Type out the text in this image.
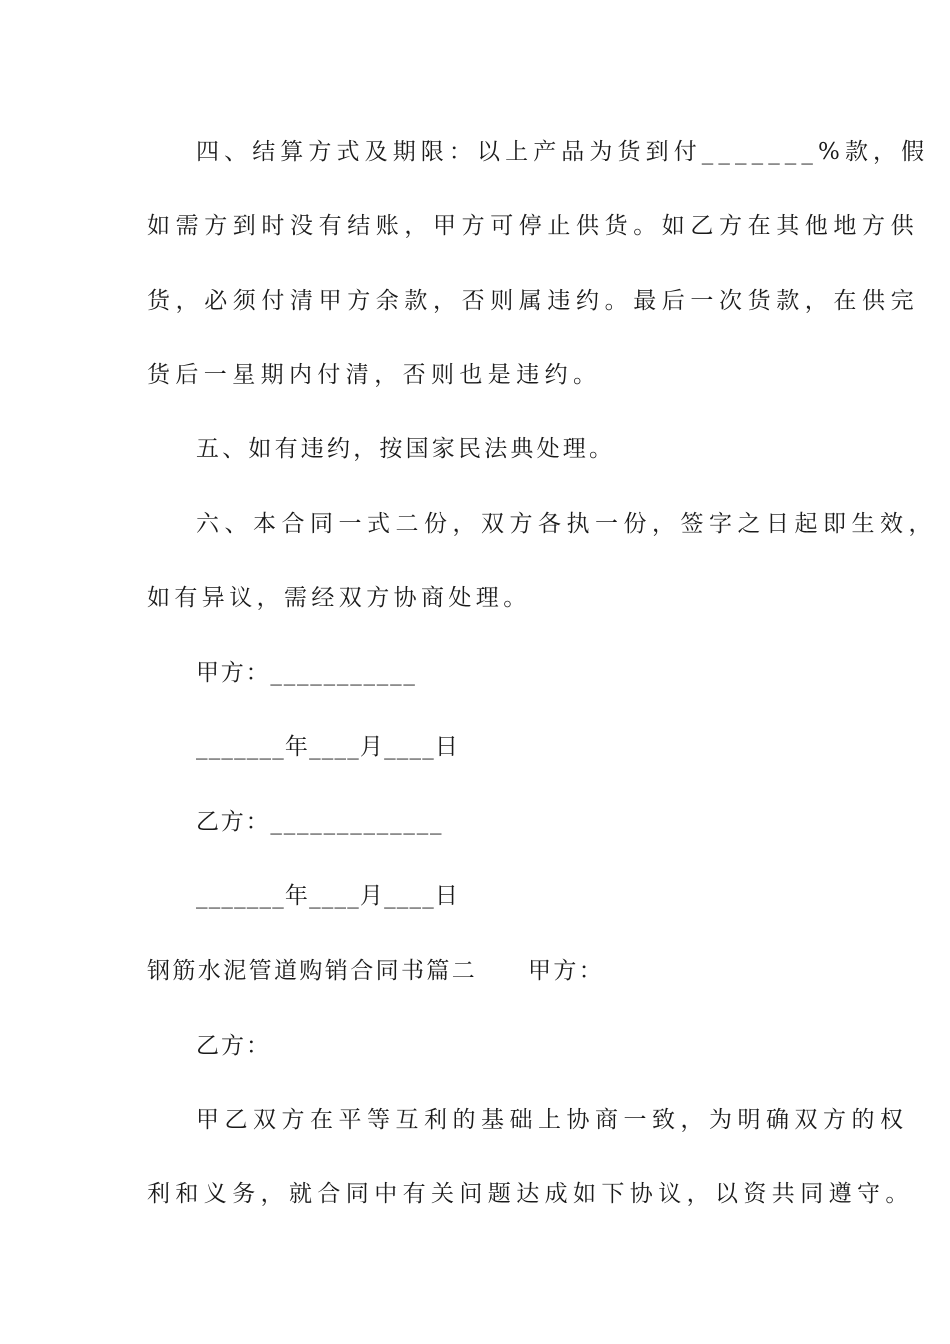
四、结算方式及期限：以上产品为货到付_______%款，假
如需方到时没有结账，甲方可停止供货。如乙方在其他地方供
货，必须付清甲方余款，否则属违约。最后一次货款，在供完
货后一星期内付清，否则也是违约。
五、如有违约，按国家民法典处理。
六、本合同一式二份，双方各执一份，签字之日起即生效，
如有异议，需经双方协商处理。
甲方：___________
_______年____月____日
乙方：_____________
_______年____月____日
钢筋水泥管道购销合同书篇二　　甲方：
乙方：
甲乙双方在平等互利的基础上协商一致，为明确双方的权
利和义务，就合同中有关问题达成如下协议，以资共同遵守。
